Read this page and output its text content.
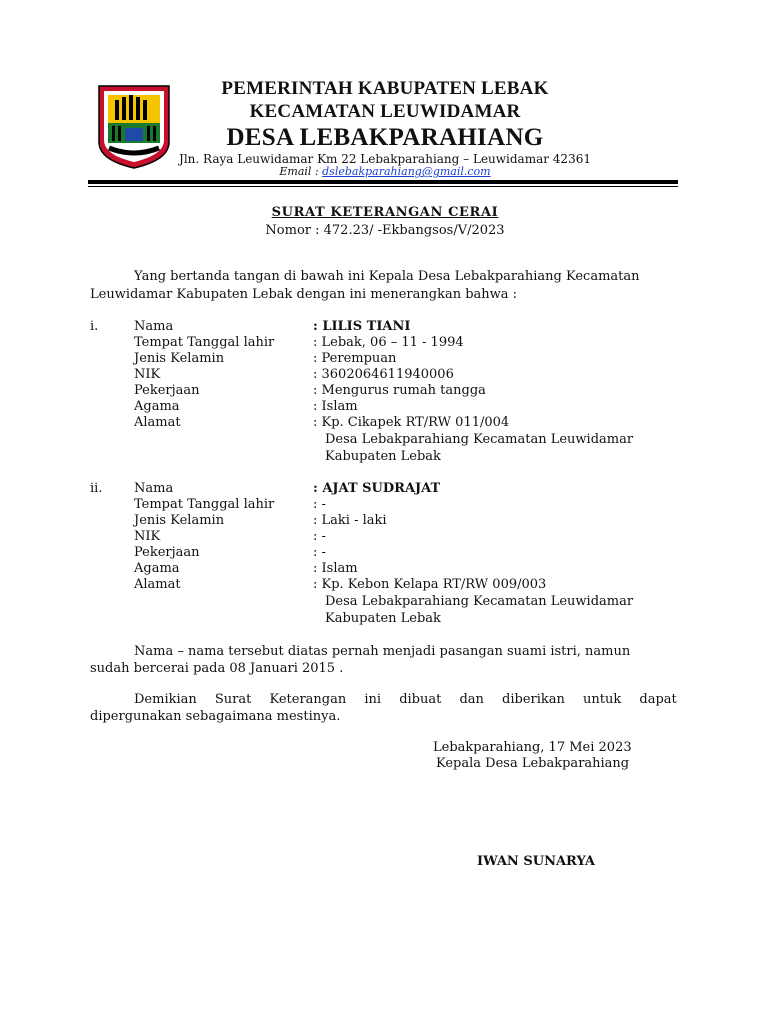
PEMERINTAH KABUPATEN LEBAK
KECAMATAN LEUWIDAMAR
DESA LEBAKPARAHIANG
Jln. Raya Leuwidamar Km 22 Lebakparahiang – Leuwidamar 42361
Email : dslebakparahiang@gmail.com
SURAT KETERANGAN CERAI
Nomor : 472.23/ -Ekbangsos/V/2023
Yang bertanda tangan di bawah ini Kepala Desa Lebakparahiang Kecamatan
Leuwidamar Kabupaten Lebak dengan ini menerangkan bahwa :
i.	Nama	: LILIS TIANI
Tempat Tanggal lahir	: Lebak, 06 – 11 - 1994
Jenis Kelamin	: Perempuan
NIK	: 3602064611940006
Pekerjaan	: Mengurus rumah tangga
Agama	: Islam
Alamat	: Kp. Cikapek RT/RW 011/004
Desa Lebakparahiang Kecamatan Leuwidamar
Kabupaten Lebak
ii. Nama	: AJAT SUDRAJAT
Tempat Tanggal lahir	: -
Jenis Kelamin	: Laki - laki
NIK	: -
Pekerjaan	: -
Agama	: Islam
Alamat	: Kp. Kebon Kelapa RT/RW 009/003
Desa Lebakparahiang Kecamatan Leuwidamar
Kabupaten Lebak
Nama – nama tersebut diatas pernah menjadi pasangan suami istri, namun
sudah bercerai pada 08 Januari 2015 .
Demikian Surat Keterangan ini dibuat dan diberikan untuk dapat
dipergunakan sebagaimana mestinya.
Lebakparahiang, 17 Mei 2023
Kepala Desa Lebakparahiang
IWAN SUNARYA
